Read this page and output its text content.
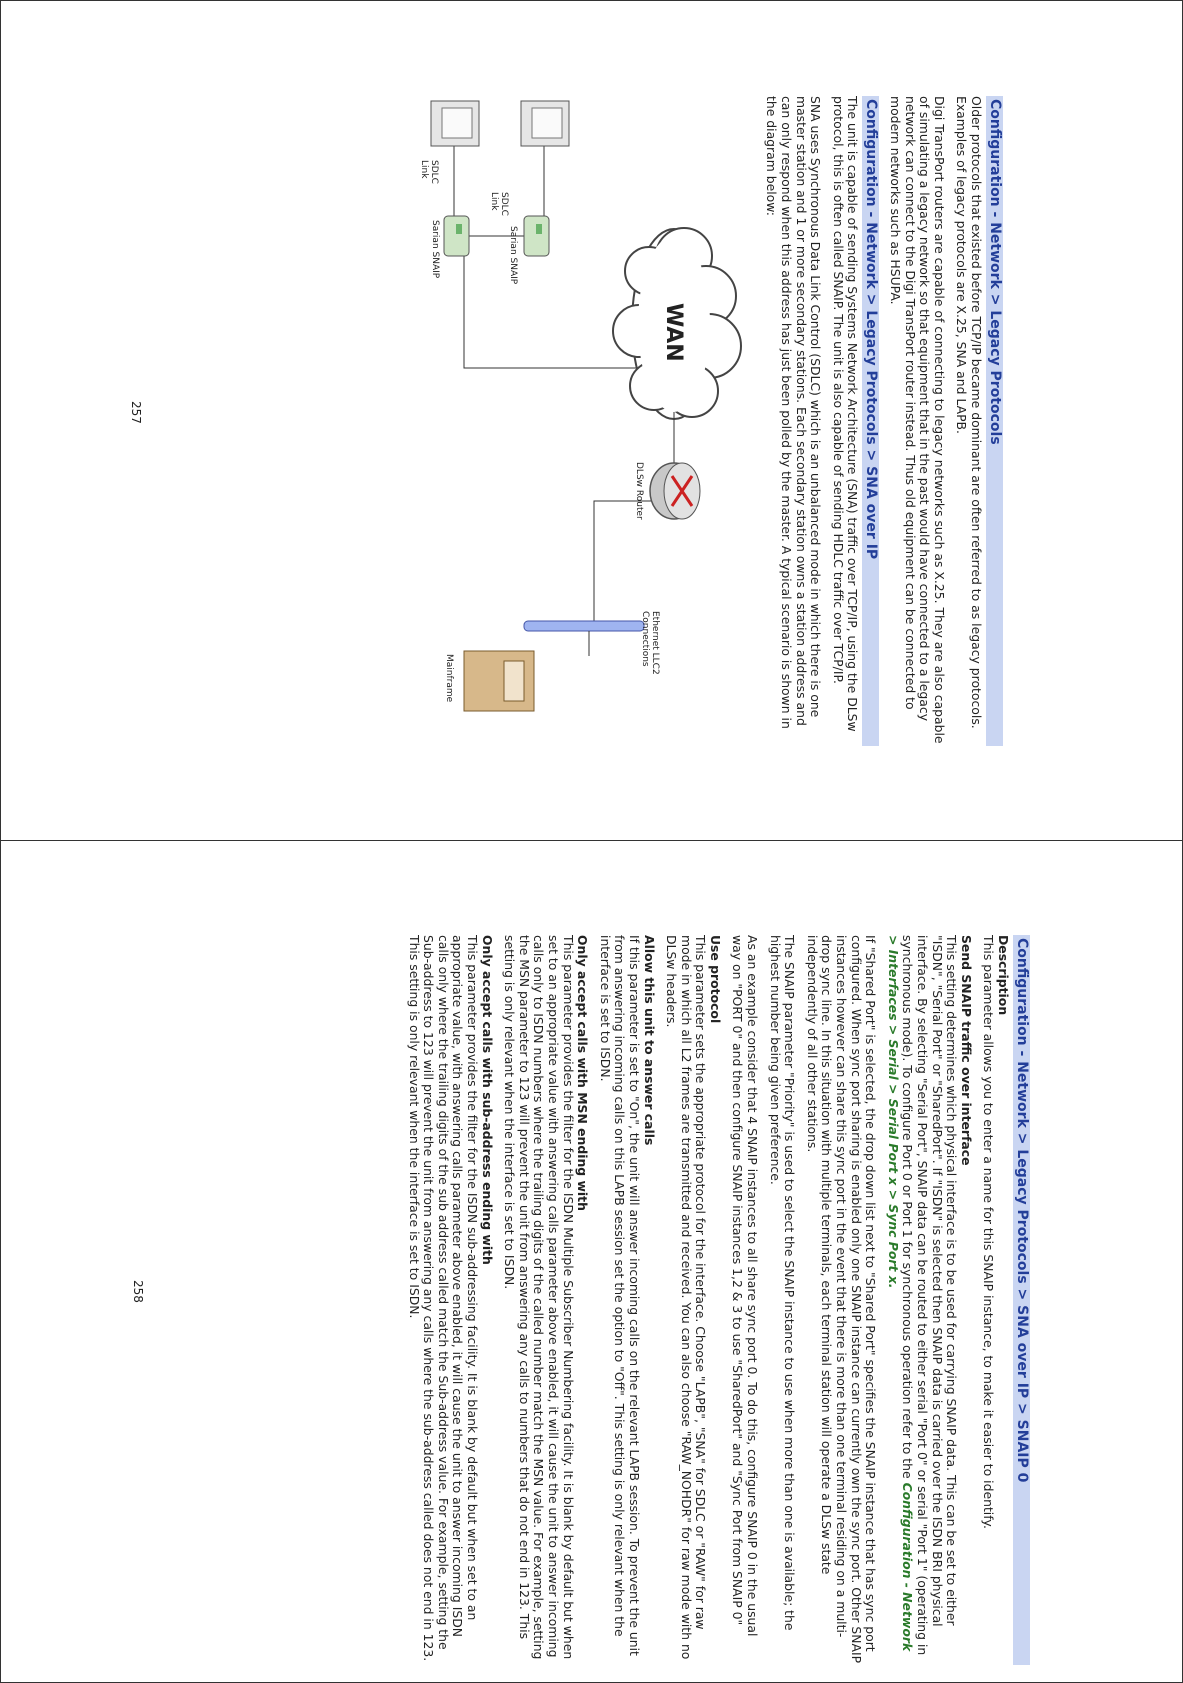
Configuration - Network > Legacy Protocols

Older protocols that existed before TCP/IP became dominant are often referred to as legacy protocols. Examples of legacy protocols are X.25, SNA and LAPB.

Digi TransPort routers are capable of connecting to legacy networks such as X.25. They are also capable of simulating a legacy network so that equipment that in the past would have connected to a legacy network can connect to the Digi TransPort router instead. Thus old equipment can be connected to modern networks such as HSUPA.

Configuration - Network > Legacy Protocols > SNA over IP

The unit is capable of sending Systems Network Architecture (SNA) traffic over TCP/IP, using the DLSw protocol, this is often called SNAIP. The unit is also capable of sending HDLC traffic over TCP/IP.

SNA uses Synchronous Data Link Control (SDLC) which is an unbalanced mode in which there is one master station and 1 or more secondary stations. Each secondary station owns a station address and can only respond when this address has just been polled by the master. A typical scenario is shown in the diagram below:

WAN
SDLC Link
SDLC Link
Sarian SNAIP
Sarian SNAIP
DLSw Router
Ethernet LLC2 Connections
Mainframe
257
Configuration - Network > Legacy Protocols > SNA over IP > SNAIP 0
Description

This parameter allows you to enter a name for this SNAIP instance, to make it easier to identify.

Send SNAIP traffic over interface

This setting determines which physical interface is to be used for carrying SNAIP data. This can be set to either "ISDN", "Serial Port" or "SharedPort". If "ISDN" is selected then SNAIP data is carried over the ISDN BRI physical interface. By selecting "Serial Port", SNAIP data can be routed to either serial "Port 0" or serial "Port 1" (operating in synchronous mode). To configure Port 0 or Port 1 for synchronous operation refer to the Configuration - Network > Interfaces > Serial > Serial Port x > Sync Port x.

If "Shared Port" is selected, the drop down list next to "Shared Port" specifies the SNAIP instance that has sync port configured. When sync port sharing is enabled only one SNAIP instance can currently own the sync port. Other SNAIP instances however can share this sync port in the event that there is more than one terminal residing on a multi-drop sync line. In this situation with multiple terminals, each terminal station will operate a DLSw state independently of all other stations.

The SNAIP parameter "Priority" is used to select the SNAIP instance to use when more than one is available; the highest number being given preference.

As an example consider that 4 SNAIP instances to all share sync port 0. To do this, configure SNAIP 0 in the usual way on "PORT 0" and then configure SNAIP instances 1,2 & 3 to use "SharedPort" and "Sync Port from SNAIP 0"

Use protocol

This parameter sets the appropriate protocol for the interface. Choose "LAPB", "SNA" for SDLC or "RAW" for raw mode in which all L2 frames are transmitted and received. You can also choose "RAW_NOHDR" for raw mode with no DLSw headers.

Allow this unit to answer calls

If this parameter is set to "On", the unit will answer incoming calls on the relevant LAPB session. To prevent the unit from answering incoming calls on this LAPB session set the option to "Off". This setting is only relevant when the interface is set to ISDN.

Only accept calls with MSN ending with

This parameter provides the filter for the ISDN Multiple Subscriber Numbering facility. It is blank by default but when set to an appropriate value with answering calls parameter above enabled, it will cause the unit to answer incoming calls only to ISDN numbers where the trailing digits of the called number match the MSN value. For example, setting the MSN parameter to 123 will prevent the unit from answering any calls to numbers that do not end in 123. This setting is only relevant when the interface is set to ISDN.

Only accept calls with sub-address ending with

This parameter provides the filter for the ISDN sub-addressing facility. It is blank by default but when set to an appropriate value, with answering calls parameter above enabled, it will cause the unit to answer incoming ISDN calls only where the trailing digits of the sub address called match the Sub-address value. For example, setting the Sub-address to 123 will prevent the unit from answering any calls where the sub-address called does not end in 123. This setting is only relevant when the interface is set to ISDN.

258
